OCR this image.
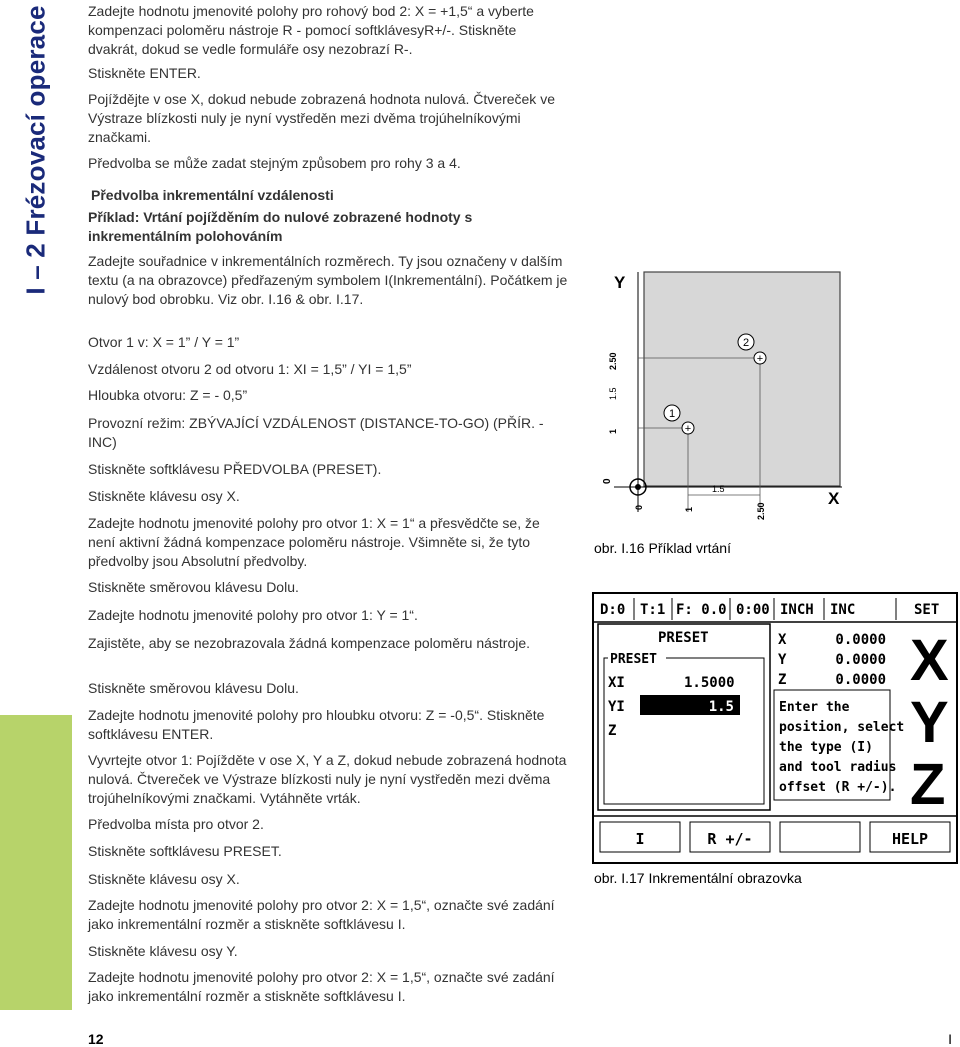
I – 2 Frézovací operace	Zadejte hodnotu jmenovité polohy pro rohový bod 2: X = +1,5“ a vyberte kompenzaci poloměru nástroje R - pomocí softklávesyR+/-. Stiskněte dvakrát, dokud se vedle formuláře osy nezobrazí R-.
Stiskněte ENTER.
Pojíždějte v ose X, dokud nebude zobrazená hodnota nulová. Čtvereček ve Výstraze blízkosti nuly je nyní vystředěn mezi dvěma trojúhelníkovými značkami.
Předvolba se může zadat stejným způsobem pro rohy 3 a 4.
Předvolba inkrementální vzdálenosti
Příklad: Vrtání pojížděním do nulové zobrazené hodnoty s inkrementálním polohováním
Zadejte souřadnice v inkrementálních rozměrech. Ty jsou označeny v dalším textu (a na obrazovce) předřazeným symbolem I(Inkrementální). Počátkem je nulový bod obrobku. Viz obr. I.16 & obr. I.17.
Otvor 1 v: X = 1” / Y = 1”
Vzdálenost otvoru 2 od otvoru 1: XI = 1,5” / YI = 1,5”
Hloubka otvoru: Z = - 0,5”
Provozní režim: ZBÝVAJÍCÍ VZDÁLENOST (DISTANCE-TO-GO) (PŘÍR. - INC)
Stiskněte softklávesu PŘEDVOLBA (PRESET).
Stiskněte klávesu osy X.
Zadejte hodnotu jmenovité polohy pro otvor 1: X = 1“ a přesvědčte se, že není aktivní žádná kompenzace poloměru nástroje. Všimněte si, že tyto předvolby jsou Absolutní předvolby.
Stiskněte směrovou klávesu Dolu.
Zadejte hodnotu jmenovité polohy pro otvor 1: Y = 1“.
Zajistěte, aby se nezobrazovala žádná kompenzace poloměru nástroje.
Stiskněte směrovou klávesu Dolu.
Zadejte hodnotu jmenovité polohy pro hloubku otvoru: Z = -0,5“. Stiskněte softklávesu ENTER.
Vyvrtejte otvor 1: Pojížděte v ose X, Y a Z, dokud nebude zobrazená hodnota nulová. Čtvereček ve Výstraze blízkosti nuly je nyní vystředěn mezi dvěma trojúhelníkovými značkami. Vytáhněte vrták.
Předvolba místa pro otvor 2.
Stiskněte softklávesu PRESET.
Stiskněte klávesu osy X.
Zadejte hodnotu jmenovité polohy pro otvor 2: X = 1,5“, označte své zadání jako inkrementální rozměr a stiskněte softklávesu I.
Stiskněte klávesu osy Y.
Zadejte hodnotu jmenovité polohy pro otvor 2: X = 1,5“, označte své zadání jako inkrementální rozměr a stiskněte softklávesu I.
+
+
1
2
Y
X
2.50
1.5
1
0
0	1
1.5
2.50
obr. I.16 Příklad vrtání
D:0 T:1 F: 0.0 0:00 INCH INC	SET
PRESET
PRESET
XI	1.5000
YI	1.5
Z
X	0.0000
Y	0.0000
Z	0.0000
Enter the
position, select
the type (I)
and tool radius
offset (R +/-).
X
Y
Z
I	R +/-	HELP
obr. I.17 Inkrementální obrazovka
12	I
